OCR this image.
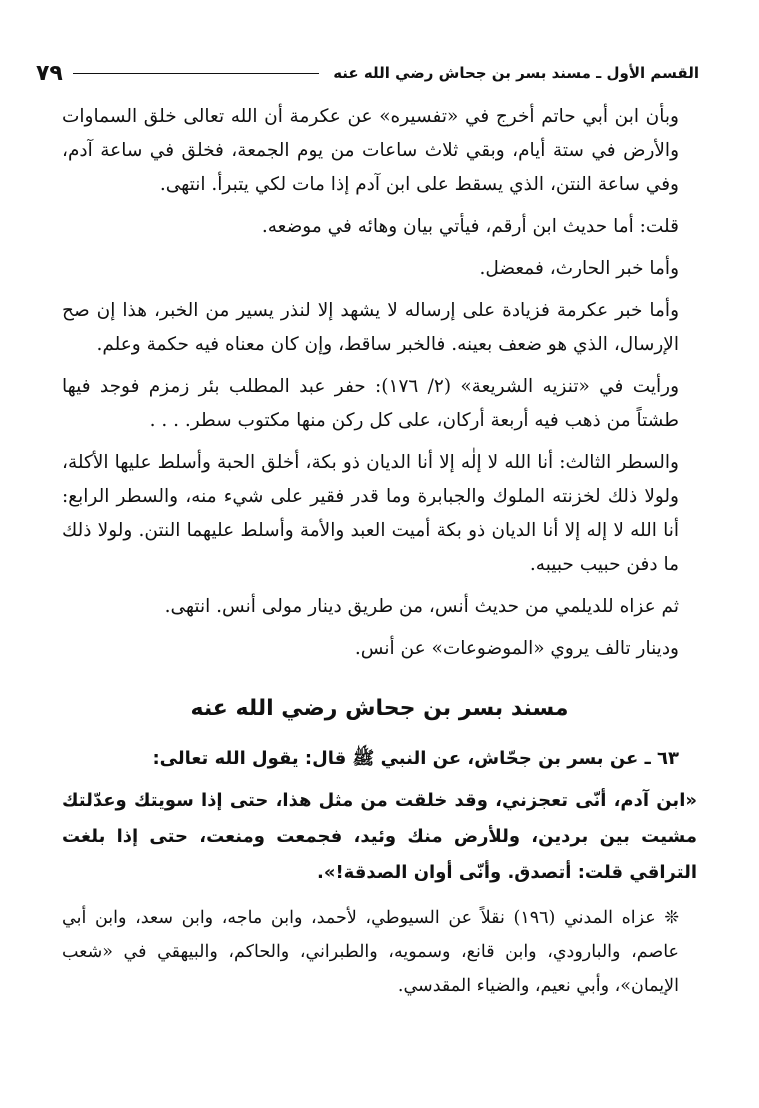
القسم الأول ـ مسند بسر بن جحاش رضي الله عنه
٧٩

وبأن ابن أبي حاتم أخرج في «تفسيره» عن عكرمة أن الله تعالى خلق السماوات والأرض في ستة أيام، وبقي ثلاث ساعات من يوم الجمعة، فخلق في ساعة آدم، وفي ساعة النتن، الذي يسقط على ابن آدم إذا مات لكي يتبرأ. انتهى.

قلت: أما حديث ابن أرقم، فيأتي بيان وهائه في موضعه.

وأما خبر الحارث، فمعضل.

وأما خبر عكرمة فزيادة على إرساله لا يشهد إلا لنذر يسير من الخبر، هذا إن صح الإرسال، الذي هو ضعف بعينه. فالخبر ساقط، وإن كان معناه فيه حكمة وعلم.

ورأيت في «تنزيه الشريعة» (٢/ ١٧٦): حفر عبد المطلب بئر زمزم فوجد فيها طشتاً من ذهب فيه أربعة أركان، على كل ركن منها مكتوب سطر. . . .

والسطر الثالث: أنا الله لا إلٰه إلا أنا الديان ذو بكة، أخلق الحبة وأسلط عليها الأكلة، ولولا ذلك لخزنته الملوك والجبابرة وما قدر فقير على شيء منه، والسطر الرابع: أنا الله لا إله إلا أنا الديان ذو بكة أميت العبد والأمة وأسلط عليهما النتن. ولولا ذلك ما دفن حبيب حبيبه.

ثم عزاه للديلمي من حديث أنس، من طريق دينار مولى أنس. انتهى.

ودينار تالف يروي «الموضوعات» عن أنس.

مسند بسر بن جحاش رضي الله عنه

٦٣ ـ عن بسر بن جحّاش، عن النبي ﷺ قال: يقول الله تعالى:

«ابن آدم، أنّى تعجزني، وقد خلقت من مثل هذا، حتى إذا سويتك وعدّلتك مشيت بين بردين، وللأرض منك وئيد، فجمعت ومنعت، حتى إذا بلغت التراقي قلت: أتصدق. وأنّى أوان الصدقة!».

❊ عزاه المدني (١٩٦) نقلاً عن السيوطي، لأحمد، وابن ماجه، وابن سعد، وابن أبي عاصم، والبارودي، وابن قانع، وسمويه، والطبراني، والحاكم، والبيهقي في «شعب الإيمان»، وأبي نعيم، والضياء المقدسي.
